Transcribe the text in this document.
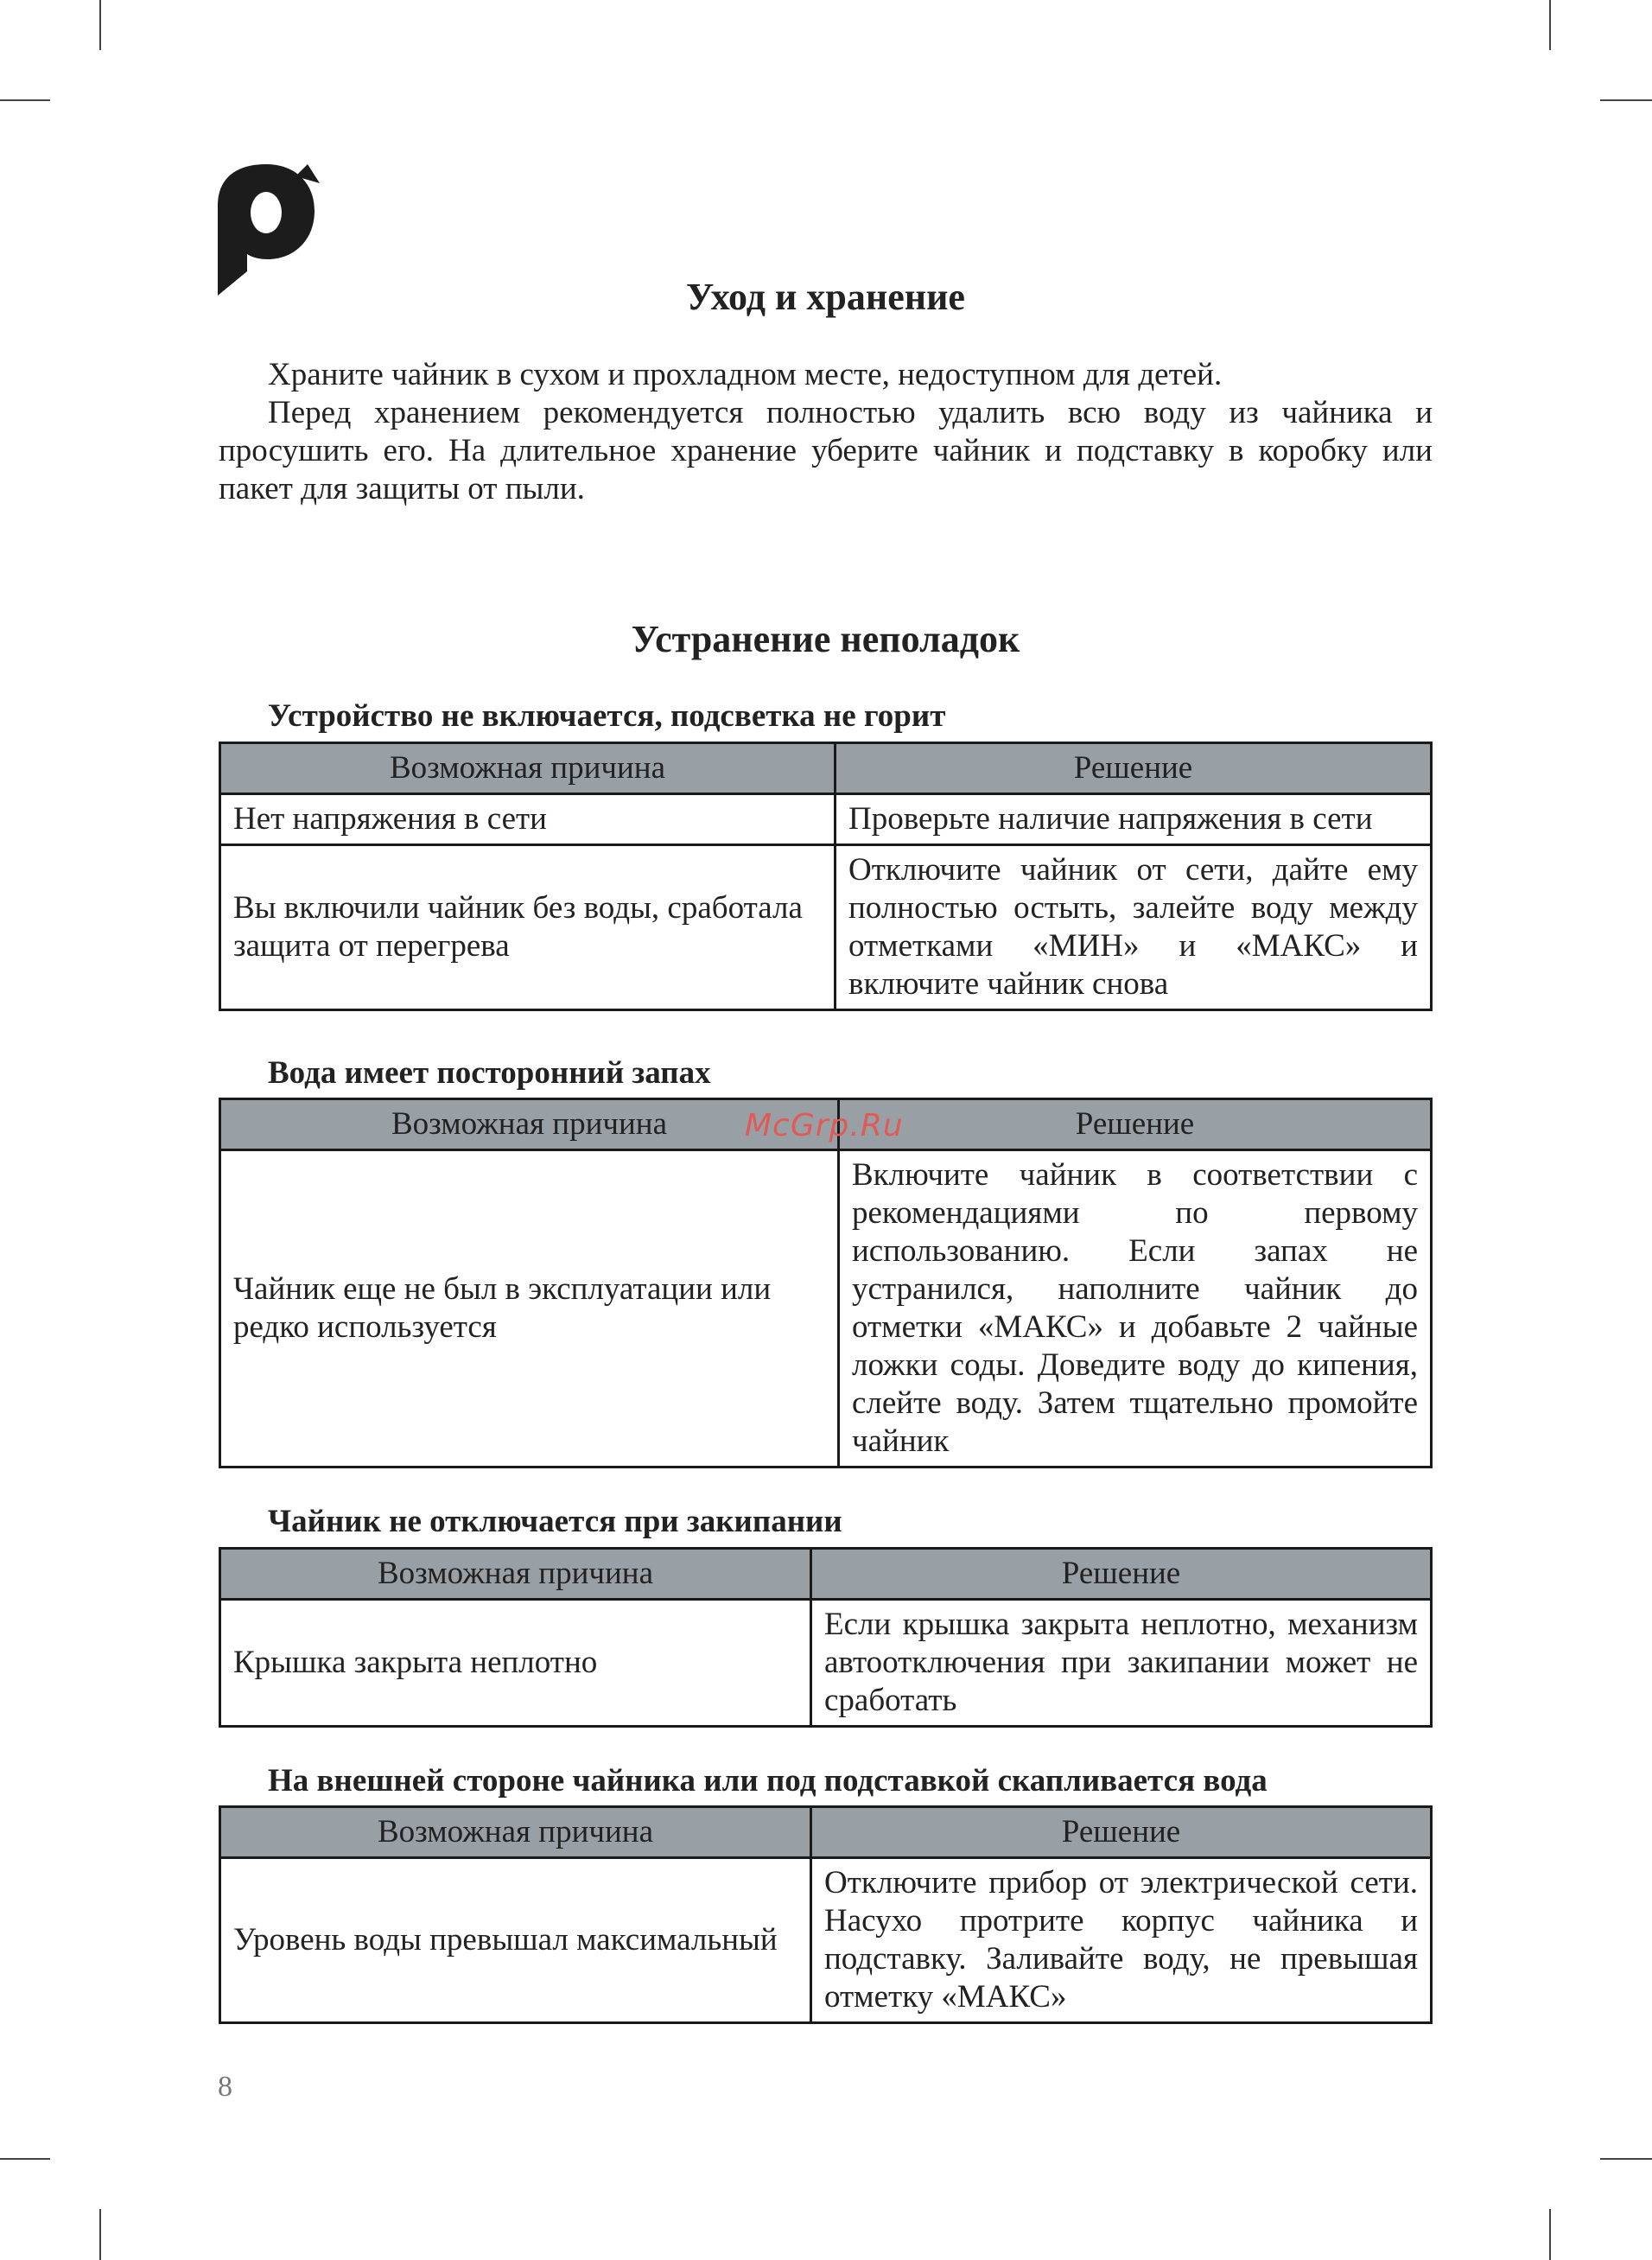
Уход и хранение

Храните чайник в сухом и прохладном месте, недоступном для детей.

Перед хранением рекомендуется полностью удалить всю воду из чайника и просушить его. На длительное хранение уберите чайник и подставку в коробку или пакет для защиты от пыли.

Устранение неполадок
Устройство не включается, подсветка не горит
Возможная причина	Решение
Нет напряжения в сети	Проверьте наличие напряжения в сети
Вы включили чайник без воды, сработала защита от перегрева	Отключите чайник от сети, дайте ему полностью остыть, залейте воду между отметками «МИН» и «МАКС» и включите чайник снова
Вода имеет посторонний запах
Возможная причина	Решение
Чайник еще не был в эксплуатации или редко используется	Включите чайник в соответствии с рекомендациями по первому использованию. Если запах не устранился, наполните чайник до отметки «МАКС» и добавьте 2 чайные ложки соды. Доведите воду до кипения, слейте воду. Затем тщательно промойте чайник
McGrp.Ru
Чайник не отключается при закипании
Возможная причина	Решение
Крышка закрыта неплотно	Если крышка закрыта неплотно, механизм автоотключения при закипании может не сработать
На внешней стороне чайника или под подставкой скапливается вода
Возможная причина	Решение
Уровень воды превышал максимальный	Отключите прибор от электрической сети. Насухо протрите корпус чайника и подставку. Заливайте воду, не превышая отметку «МАКС»
8
